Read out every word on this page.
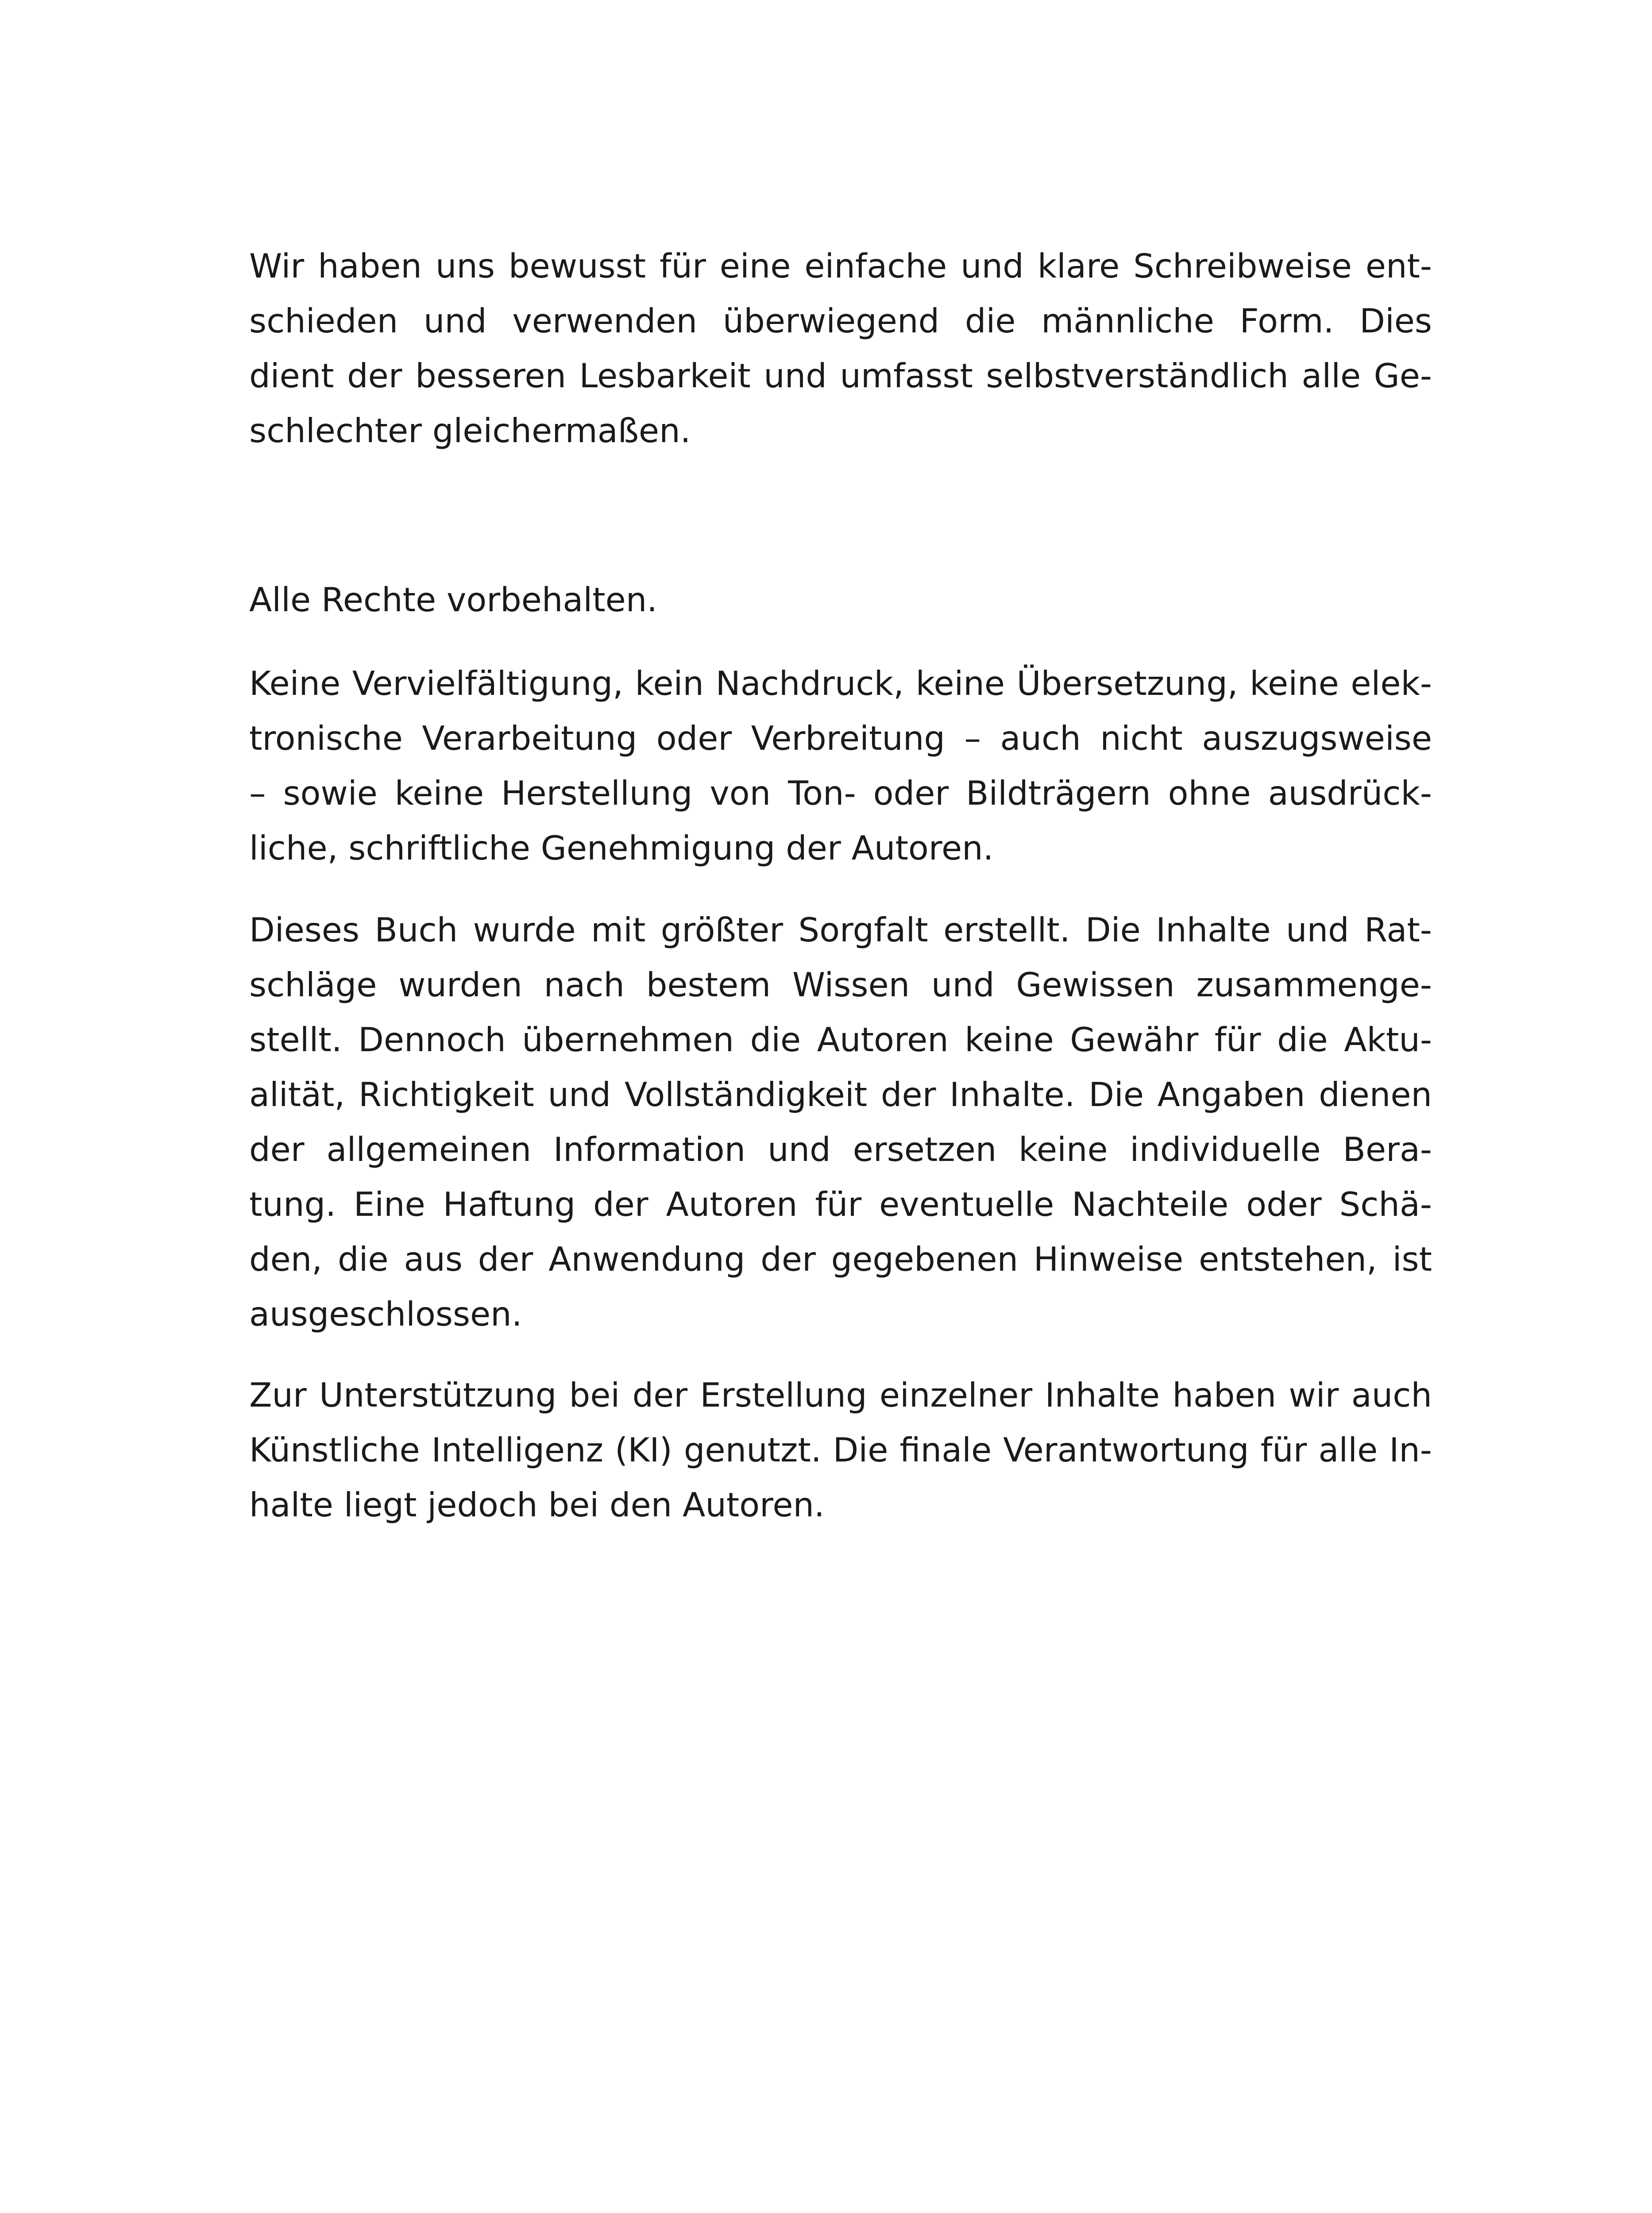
Wir haben uns bewusst für eine einfache und klare Schreibweise ent-
schieden und verwenden überwiegend die männliche Form. Dies
dient der besseren Lesbarkeit und umfasst selbstverständlich alle Ge-
schlechter gleichermaßen.
Alle Rechte vorbehalten.
Keine Vervielfältigung, kein Nachdruck, keine Übersetzung, keine elek-
tronische Verarbeitung oder Verbreitung – auch nicht auszugsweise
– sowie keine Herstellung von Ton- oder Bildträgern ohne ausdrück-
liche, schriftliche Genehmigung der Autoren.
Dieses Buch wurde mit größter Sorgfalt erstellt. Die Inhalte und Rat-
schläge wurden nach bestem Wissen und Gewissen zusammenge-
stellt. Dennoch übernehmen die Autoren keine Gewähr für die Aktu-
alität, Richtigkeit und Vollständigkeit der Inhalte. Die Angaben dienen
der allgemeinen Information und ersetzen keine individuelle Bera-
tung. Eine Haftung der Autoren für eventuelle Nachteile oder Schä-
den, die aus der Anwendung der gegebenen Hinweise entstehen, ist
ausgeschlossen.
Zur Unterstützung bei der Erstellung einzelner Inhalte haben wir auch
Künstliche Intelligenz (KI) genutzt. Die finale Verantwortung für alle In-
halte liegt jedoch bei den Autoren.
